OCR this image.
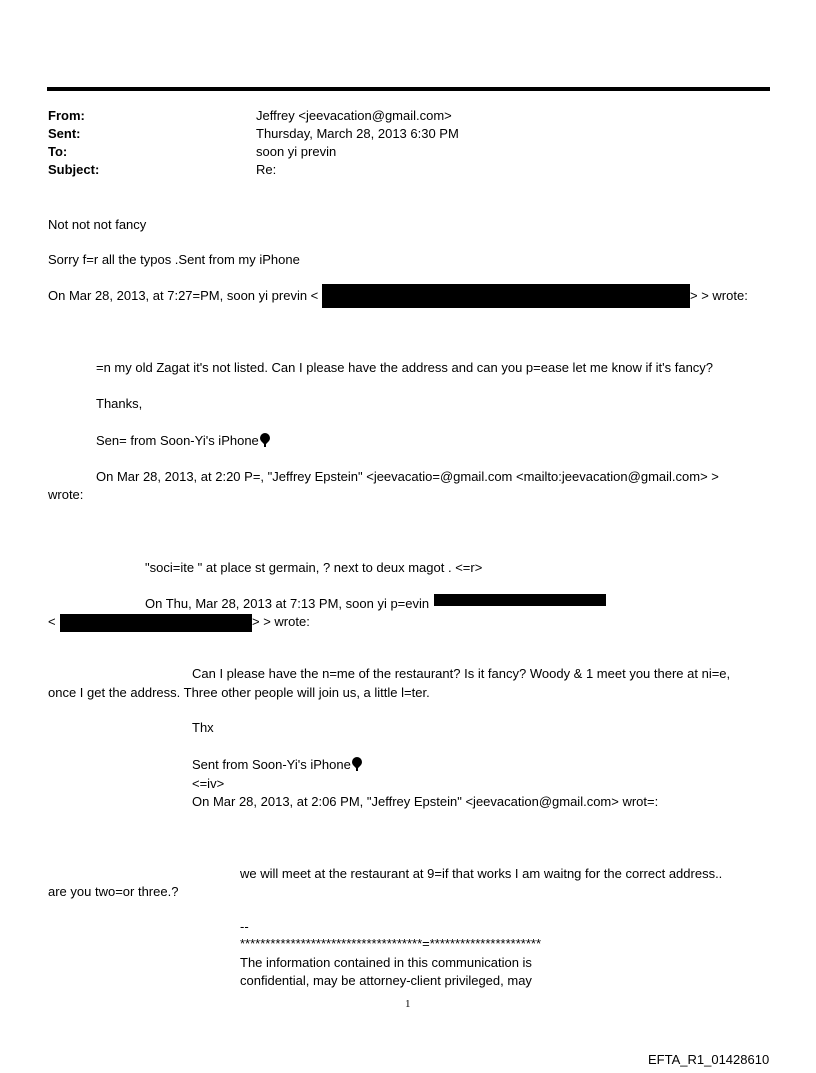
From:
Sent:
To:
Subject:
Jeffrey <jeevacation@gmail.com>
Thursday, March 28, 2013 6:30 PM
soon yi previn
Re:
Not not not fancy
Sorry f=r all the typos .Sent from my iPhone
On Mar 28, 2013, at 7:27=PM, soon yi previn <	> > wrote:
=n my old Zagat it's not listed. Can I please have the address and can you p=ease let me know if it's fancy?
Thanks,
Sen= from Soon-Yi's iPhone
On Mar 28, 2013, at 2:20 P=, "Jeffrey Epstein" <jeevacatio=@gmail.com <mailto:jeevacation@gmail.com> >
wrote:
"soci=ite " at place st germain, ? next to deux magot . <=r>
On Thu, Mar 28, 2013 at 7:13 PM, soon yi p=evin
<	> > wrote:
Can I please have the n=me of the restaurant? Is it fancy? Woody & 1 meet you there at ni=e,
once I get the address. Three other people will join us, a little l=ter.
Thx
Sent from Soon-Yi's iPhone
<=iv>
On Mar 28, 2013, at 2:06 PM, "Jeffrey Epstein" <jeevacation@gmail.com> wrot=:
we will meet at the restaurant at 9=if that works I am waitng for the correct address..
are you two=or three.?
--
************************************=**********************
The information contained in this communication is
confidential, may be attorney-client privileged, may
1
EFTA_R1_01428610
